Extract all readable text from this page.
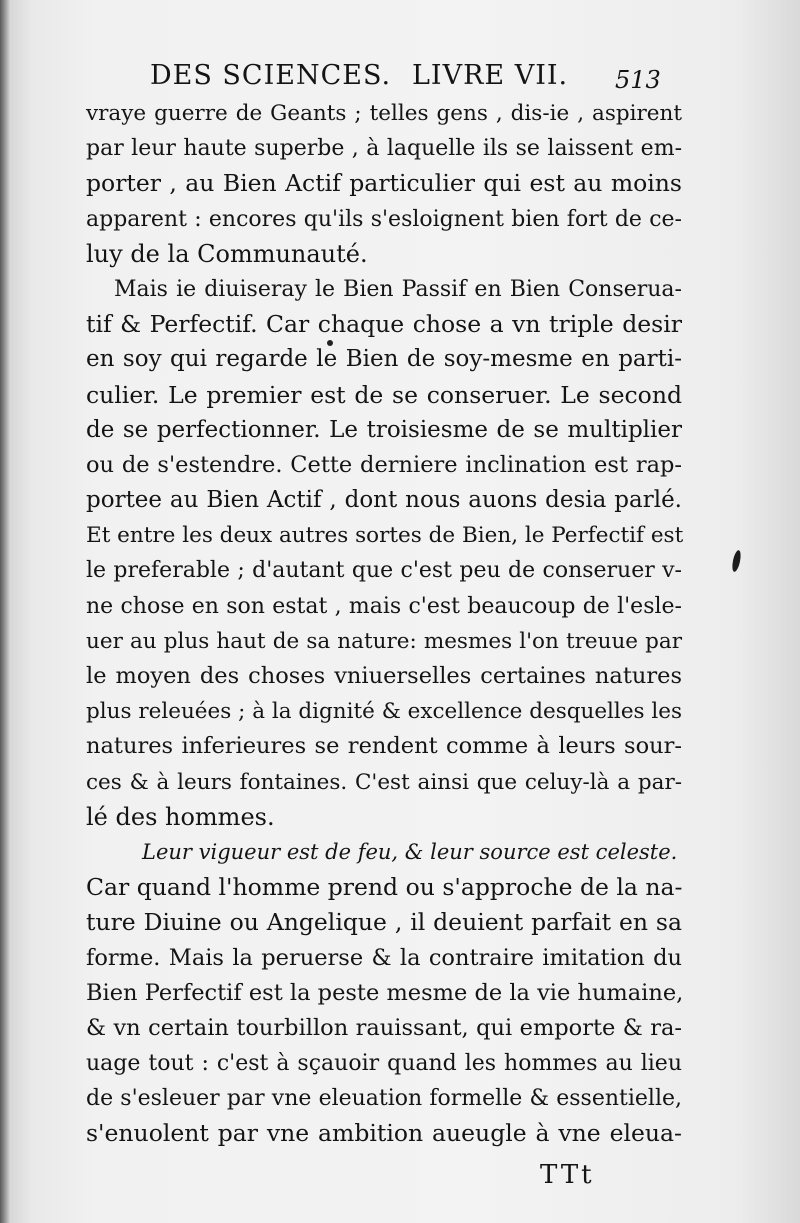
DES SCIENCES. LIVRE VII. 513
vraye guerre de Geants ; telles gens , dis-ie , aspirent
par leur haute superbe , à laquelle ils se laissent em-
porter , au Bien Actif particulier qui est au moins
apparent : encores qu'ils s'esloignent bien fort de ce-
luy de la Communauté.
Mais ie diuiseray le Bien Passif en Bien Conserua-
tif & Perfectif. Car chaque chose a vn triple desir
en soy qui regarde le Bien de soy-mesme en parti-
culier. Le premier est de se conseruer. Le second
de se perfectionner. Le troisiesme de se multiplier
ou de s'estendre. Cette derniere inclination est rap-
portee au Bien Actif , dont nous auons desia parlé.
Et entre les deux autres sortes de Bien, le Perfectif est
le preferable ; d'autant que c'est peu de conseruer v-
ne chose en son estat , mais c'est beaucoup de l'esle-
uer au plus haut de sa nature: mesmes l'on treuue par
le moyen des choses vniuerselles certaines natures
plus releuées ; à la dignité & excellence desquelles les
natures inferieures se rendent comme à leurs sour-
ces & à leurs fontaines. C'est ainsi que celuy-là a par-
lé des hommes.
Leur vigueur est de feu, & leur source est celeste.
Car quand l'homme prend ou s'approche de la na-
ture Diuine ou Angelique , il deuient parfait en sa
forme. Mais la peruerse & la contraire imitation du
Bien Perfectif est la peste mesme de la vie humaine,
& vn certain tourbillon rauissant, qui emporte & ra-
uage tout : c'est à sçauoir quand les hommes au lieu
de s'esleuer par vne eleuation formelle & essentielle,
s'enuolent par vne ambition aueugle à vne eleua-
TTt
